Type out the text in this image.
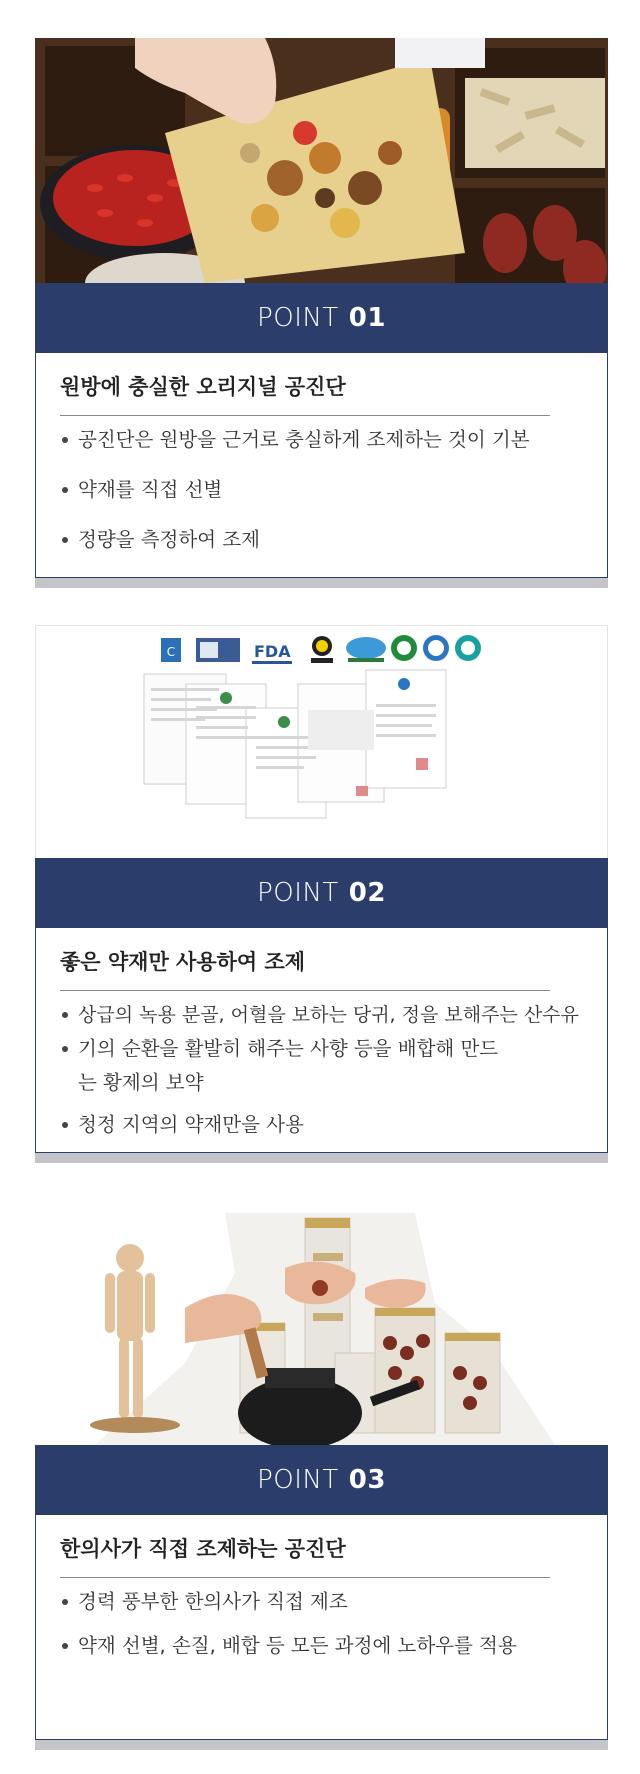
POINT 01
원방에 충실한 오리지널 공진단
공진단은 원방을 근거로 충실하게 조제하는 것이 기본
약재를 직접 선별
정량을 측정하여 조제
C	FDA
POINT 02
좋은 약재만 사용하여 조제
상급의 녹용 분골, 어혈을 보하는 당귀, 정을 보해주는 산수유
기의 순환을 활발히 해주는 사향 등을 배합해 만드는 황제의 보약
청정 지역의 약재만을 사용
POINT 03
한의사가 직접 조제하는 공진단
경력 풍부한 한의사가 직접 제조
약재 선별, 손질, 배합 등 모든 과정에 노하우를 적용
